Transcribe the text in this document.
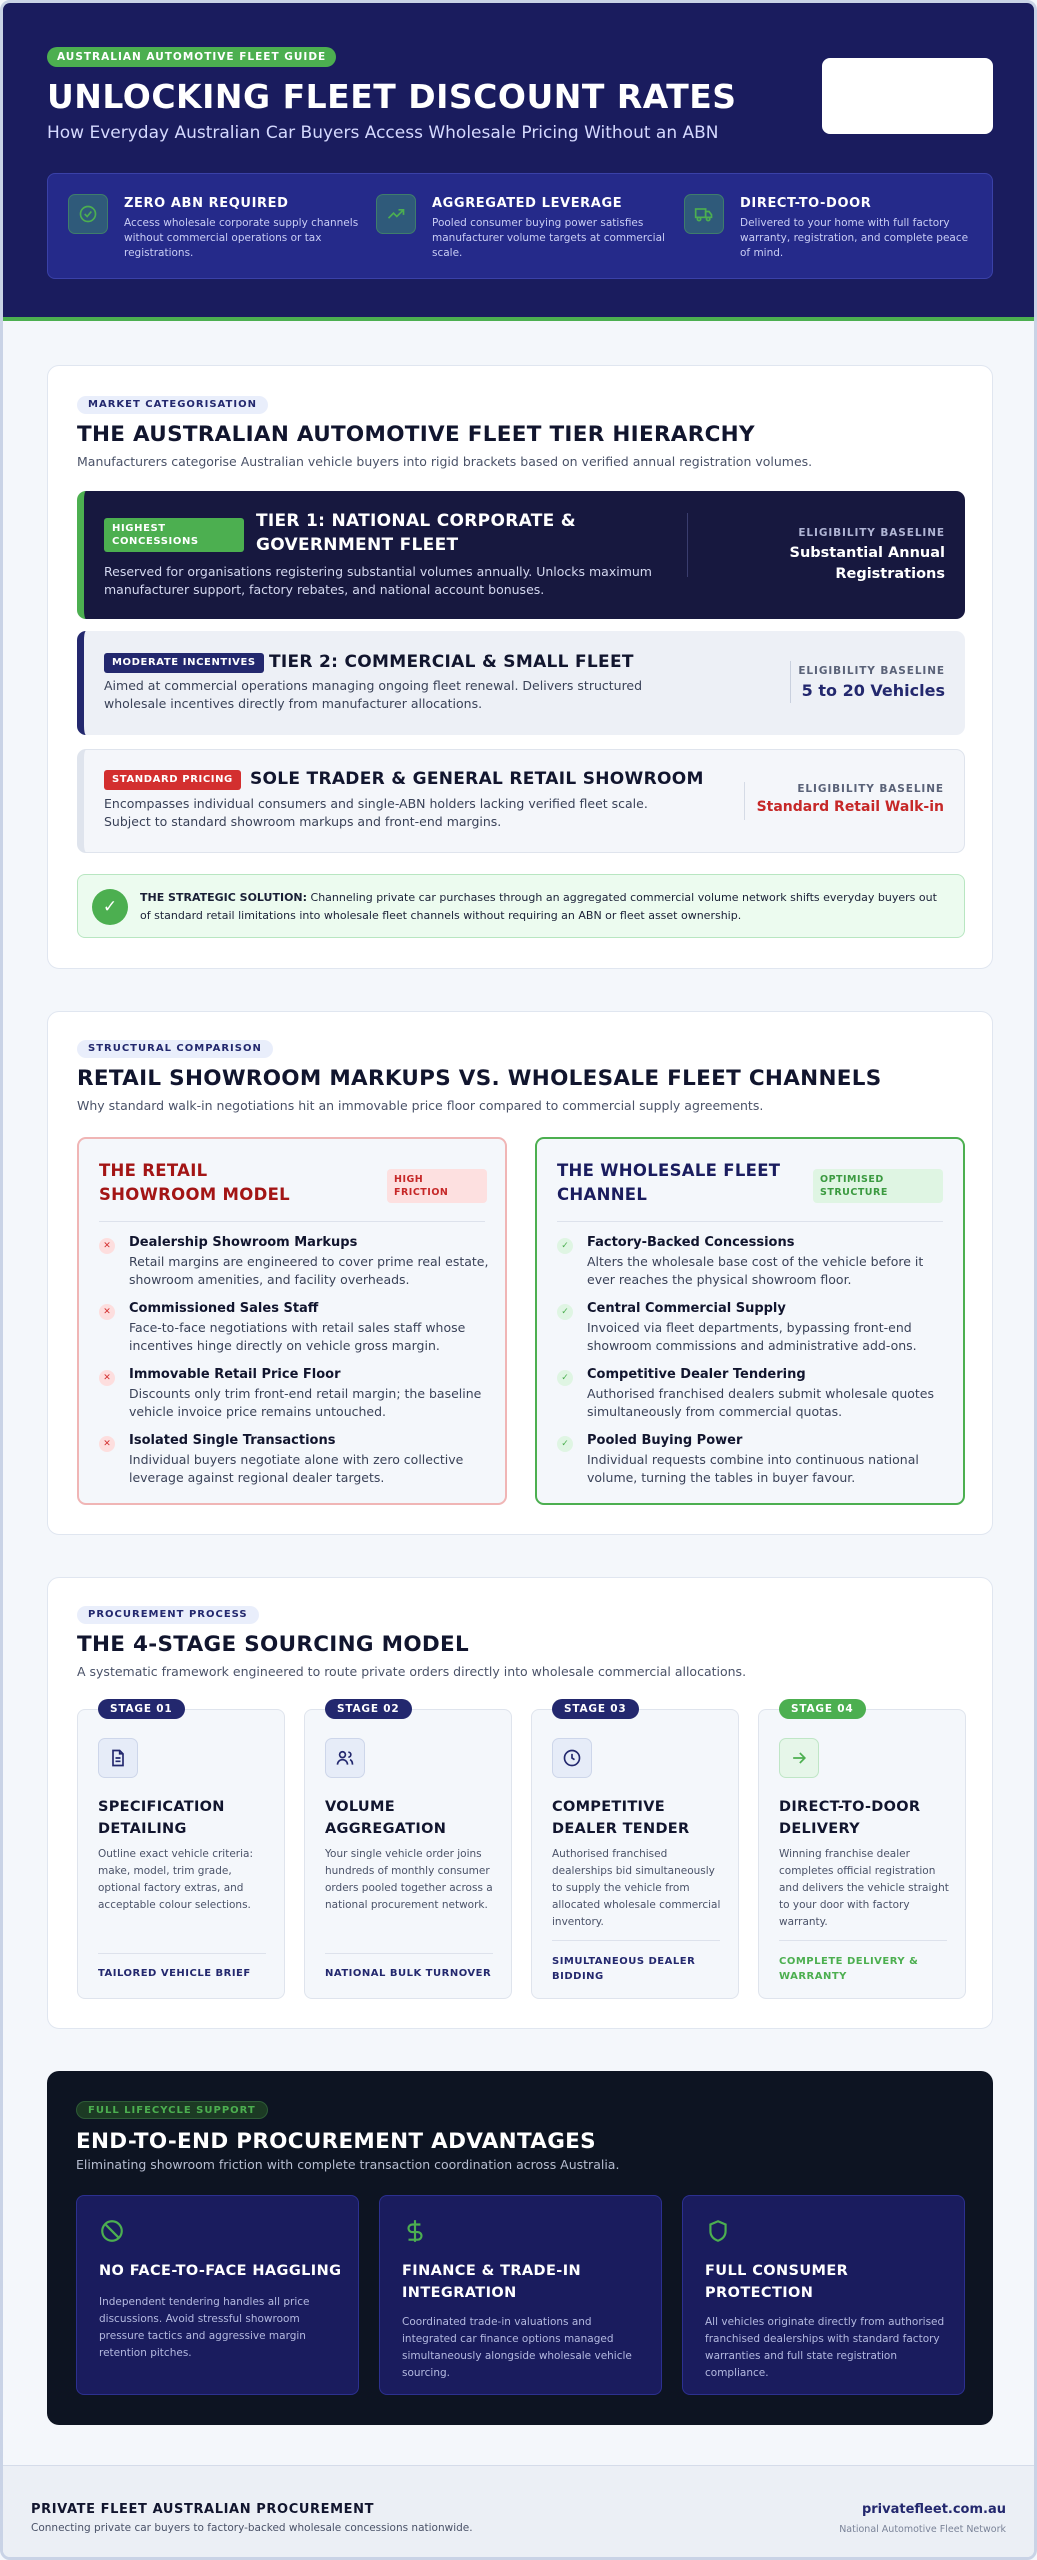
AUSTRALIAN AUTOMOTIVE FLEET GUIDE
UNLOCKING FLEET DISCOUNT RATES
How Everyday Australian Car Buyers Access Wholesale Pricing Without an ABN
ZERO ABN REQUIRED
Access wholesale corporate supply channels without commercial operations or tax registrations.
AGGREGATED LEVERAGE
Pooled consumer buying power satisfies manufacturer volume targets at commercial scale.
DIRECT-TO-DOOR
Delivered to your home with full factory warranty, registration, and complete peace of mind.
MARKET CATEGORISATION
THE AUSTRALIAN AUTOMOTIVE FLEET TIER HIERARCHY
Manufacturers categorise Australian vehicle buyers into rigid brackets based on verified annual registration volumes.
HIGHEST CONCESSIONS
TIER 1: NATIONAL CORPORATE & GOVERNMENT FLEET
Reserved for organisations registering substantial volumes annually. Unlocks maximum manufacturer support, factory rebates, and national account bonuses.
ELIGIBILITY BASELINE
Substantial Annual Registrations
MODERATE INCENTIVES TIER 2: COMMERCIAL & SMALL FLEET
Aimed at commercial operations managing ongoing fleet renewal. Delivers structured wholesale incentives directly from manufacturer allocations.
ELIGIBILITY BASELINE
5 to 20 Vehicles
STANDARD PRICING	SOLE TRADER & GENERAL RETAIL SHOWROOM
Encompasses individual consumers and single-ABN holders lacking verified fleet scale. Subject to standard showroom markups and front-end margins.
ELIGIBILITY BASELINE
Standard Retail Walk-in
✓	THE STRATEGIC SOLUTION: Channeling private car purchases through an aggregated commercial volume network shifts everyday buyers out of standard retail limitations into wholesale fleet channels without requiring an ABN or fleet asset ownership.
STRUCTURAL COMPARISON
RETAIL SHOWROOM MARKUPS VS. WHOLESALE FLEET CHANNELS
Why standard walk-in negotiations hit an immovable price floor compared to commercial supply agreements.
THE RETAIL SHOWROOM MODEL
HIGH FRICTION
✕	Dealership Showroom Markups
Retail margins are engineered to cover prime real estate, showroom amenities, and facility overheads.
✕	Commissioned Sales Staff
Face-to-face negotiations with retail sales staff whose incentives hinge directly on vehicle gross margin.
✕	Immovable Retail Price Floor
Discounts only trim front-end retail margin; the baseline vehicle invoice price remains untouched.
✕	Isolated Single Transactions
Individual buyers negotiate alone with zero collective leverage against regional dealer targets.
THE WHOLESALE FLEET CHANNEL
OPTIMISED STRUCTURE
✓	Factory-Backed Concessions
Alters the wholesale base cost of the vehicle before it ever reaches the physical showroom floor.
✓	Central Commercial Supply
Invoiced via fleet departments, bypassing front-end showroom commissions and administrative add-ons.
✓	Competitive Dealer Tendering
Authorised franchised dealers submit wholesale quotes simultaneously from commercial quotas.
✓	Pooled Buying Power
Individual requests combine into continuous national volume, turning the tables in buyer favour.
PROCUREMENT PROCESS
THE 4-STAGE SOURCING MODEL
A systematic framework engineered to route private orders directly into wholesale commercial allocations.
STAGE 01
SPECIFICATION DETAILING
Outline exact vehicle criteria: make, model, trim grade, optional factory extras, and acceptable colour selections.
TAILORED VEHICLE BRIEF
STAGE 02
VOLUME AGGREGATION
Your single vehicle order joins hundreds of monthly consumer orders pooled together across a national procurement network.
NATIONAL BULK TURNOVER
STAGE 03
COMPETITIVE DEALER TENDER
Authorised franchised dealerships bid simultaneously to supply the vehicle from allocated wholesale commercial inventory.
SIMULTANEOUS DEALER BIDDING
STAGE 04
DIRECT-TO-DOOR DELIVERY
Winning franchise dealer completes official registration and delivers the vehicle straight to your door with factory warranty.
COMPLETE DELIVERY & WARRANTY
FULL LIFECYCLE SUPPORT
END-TO-END PROCUREMENT ADVANTAGES
Eliminating showroom friction with complete transaction coordination across Australia.
NO FACE-TO-FACE HAGGLING
Independent tendering handles all price discussions. Avoid stressful showroom pressure tactics and aggressive margin retention pitches.
FINANCE & TRADE-IN INTEGRATION
Coordinated trade-in valuations and integrated car finance options managed simultaneously alongside wholesale vehicle sourcing.
FULL CONSUMER PROTECTION
All vehicles originate directly from authorised franchised dealerships with standard factory warranties and full state registration compliance.
PRIVATE FLEET AUSTRALIAN PROCUREMENT
Connecting private car buyers to factory-backed wholesale concessions nationwide.
privatefleet.com.au
National Automotive Fleet Network
